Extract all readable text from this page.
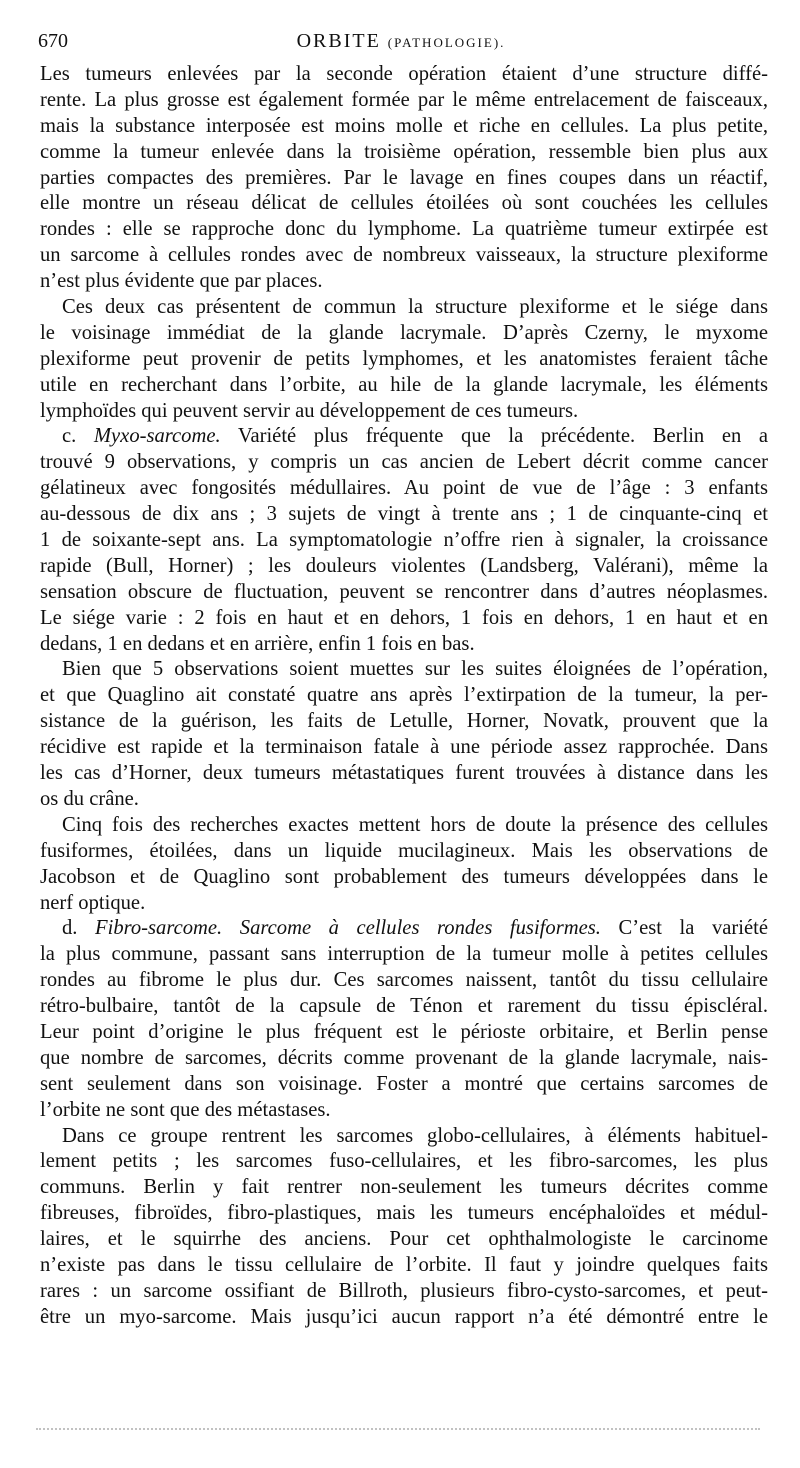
670	ORBITE (PATHOLOGIE).
Les tumeurs enlevées par la seconde opération étaient d’une structure diffé-
rente. La plus grosse est également formée par le même entrelacement de faisceaux,
mais la substance interposée est moins molle et riche en cellules. La plus petite,
comme la tumeur enlevée dans la troisième opération, ressemble bien plus aux
parties compactes des premières. Par le lavage en fines coupes dans un réactif,
elle montre un réseau délicat de cellules étoilées où sont couchées les cellules
rondes : elle se rapproche donc du lymphome. La quatrième tumeur extirpée est
un sarcome à cellules rondes avec de nombreux vaisseaux, la structure plexiforme
n’est plus évidente que par places.
Ces deux cas présentent de commun la structure plexiforme et le siége dans
le voisinage immédiat de la glande lacrymale. D’après Czerny, le myxome
plexiforme peut provenir de petits lymphomes, et les anatomistes feraient tâche
utile en recherchant dans l’orbite, au hile de la glande lacrymale, les éléments
lymphoïdes qui peuvent servir au développement de ces tumeurs.
c. Myxo-sarcome. Variété plus fréquente que la précédente. Berlin en a
trouvé 9 observations, y compris un cas ancien de Lebert décrit comme cancer
gélatineux avec fongosités médullaires. Au point de vue de l’âge : 3 enfants
au-dessous de dix ans ; 3 sujets de vingt à trente ans ; 1 de cinquante-cinq et
1 de soixante-sept ans. La symptomatologie n’offre rien à signaler, la croissance
rapide (Bull, Horner) ; les douleurs violentes (Landsberg, Valérani), même la
sensation obscure de fluctuation, peuvent se rencontrer dans d’autres néoplasmes.
Le siége varie : 2 fois en haut et en dehors, 1 fois en dehors, 1 en haut et en
dedans, 1 en dedans et en arrière, enfin 1 fois en bas.
Bien que 5 observations soient muettes sur les suites éloignées de l’opération,
et que Quaglino ait constaté quatre ans après l’extirpation de la tumeur, la per-
sistance de la guérison, les faits de Letulle, Horner, Novatk, prouvent que la
récidive est rapide et la terminaison fatale à une période assez rapprochée. Dans
les cas d’Horner, deux tumeurs métastatiques furent trouvées à distance dans les
os du crâne.
Cinq fois des recherches exactes mettent hors de doute la présence des cellules
fusiformes, étoilées, dans un liquide mucilagineux. Mais les observations de
Jacobson et de Quaglino sont probablement des tumeurs développées dans le
nerf optique.
d. Fibro-sarcome. Sarcome à cellules rondes fusiformes. C’est la variété
la plus commune, passant sans interruption de la tumeur molle à petites cellules
rondes au fibrome le plus dur. Ces sarcomes naissent, tantôt du tissu cellulaire
rétro-bulbaire, tantôt de la capsule de Ténon et rarement du tissu épiscléral.
Leur point d’origine le plus fréquent est le périoste orbitaire, et Berlin pense
que nombre de sarcomes, décrits comme provenant de la glande lacrymale, nais-
sent seulement dans son voisinage. Foster a montré que certains sarcomes de
l’orbite ne sont que des métastases.
Dans ce groupe rentrent les sarcomes globo-cellulaires, à éléments habituel-
lement petits ; les sarcomes fuso-cellulaires, et les fibro-sarcomes, les plus
communs. Berlin y fait rentrer non-seulement les tumeurs décrites comme
fibreuses, fibroïdes, fibro-plastiques, mais les tumeurs encéphaloïdes et médul-
laires, et le squirrhe des anciens. Pour cet ophthalmologiste le carcinome
n’existe pas dans le tissu cellulaire de l’orbite. Il faut y joindre quelques faits
rares : un sarcome ossifiant de Billroth, plusieurs fibro-cysto-sarcomes, et peut-
être un myo-sarcome. Mais jusqu’ici aucun rapport n’a été démontré entre le
